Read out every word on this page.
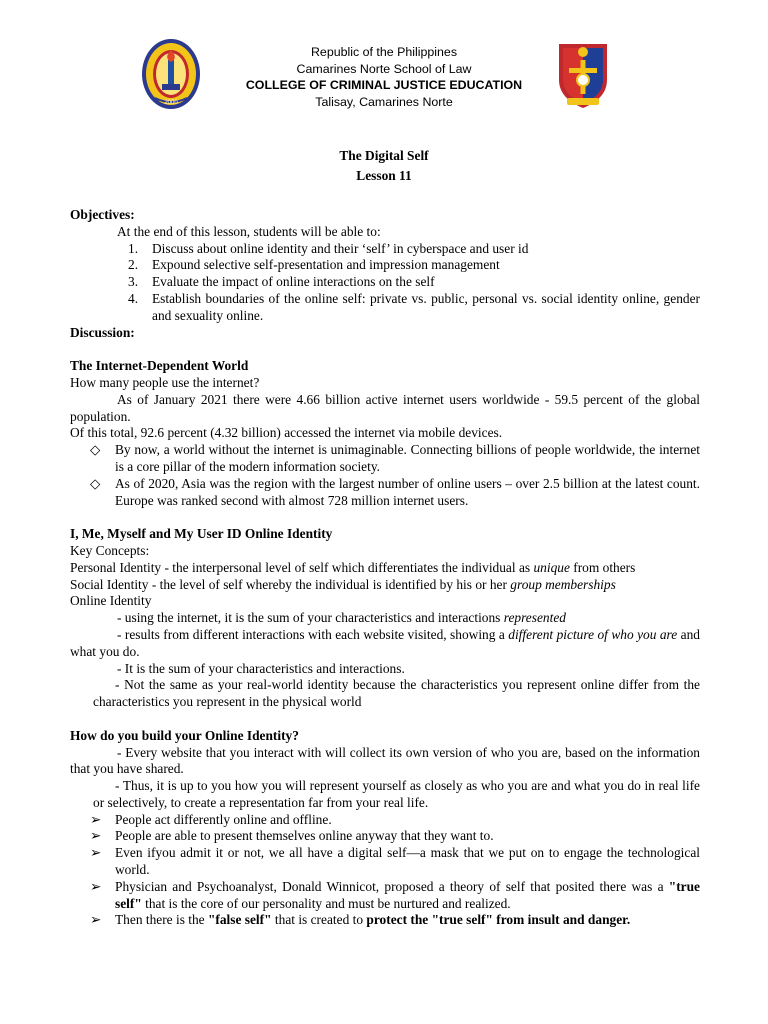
2000
Republic of the Philippines
Camarines Norte School of Law
COLLEGE OF CRIMINAL JUSTICE EDUCATION
Talisay, Camarines Norte
The Digital Self
Lesson 11

Objectives:

At the end of this lesson, students will be able to:

1. Discuss about online identity and their ‘self’ in cyberspace and user id
2. Expound selective self-presentation and impression management
3. Evaluate the impact of online interactions on the self
4. Establish boundaries of the online self: private vs. public, personal vs. social identity online, gender and sexuality online.

Discussion:

The Internet-Dependent World

How many people use the internet?

As of January 2021 there were 4.66 billion active internet users worldwide - 59.5 percent of the global population.

Of this total, 92.6 percent (4.32 billion) accessed the internet via mobile devices.

◇ By now, a world without the internet is unimaginable. Connecting billions of people worldwide, the internet is a core pillar of the modern information society.
◇ As of 2020, Asia was the region with the largest number of online users – over 2.5 billion at the latest count. Europe was ranked second with almost 728 million internet users.

I, Me, Myself and My User ID Online Identity

Key Concepts:

Personal Identity - the interpersonal level of self which differentiates the individual as unique from others

Social Identity - the level of self whereby the individual is identified by his or her group memberships

Online Identity

- using the internet, it is the sum of your characteristics and interactions represented

- results from different interactions with each website visited, showing a different picture of who you are and what you do.

- It is the sum of your characteristics and interactions.

- Not the same as your real-world identity because the characteristics you represent online differ from the characteristics you represent in the physical world

How do you build your Online Identity?

- Every website that you interact with will collect its own version of who you are, based on the information that you have shared.

- Thus, it is up to you how you will represent yourself as closely as who you are and what you do in real life or selectively, to create a representation far from your real life.

➢ People act differently online and offline.
➢ People are able to present themselves online anyway that they want to.
➢ Even ifyou admit it or not, we all have a digital self—a mask that we put on to engage the technological world.
➢ Physician and Psychoanalyst, Donald Winnicot, proposed a theory of self that posited there was a "true self" that is the core of our personality and must be nurtured and realized.
➢ Then there is the "false self" that is created to protect the "true self" from insult and danger.
